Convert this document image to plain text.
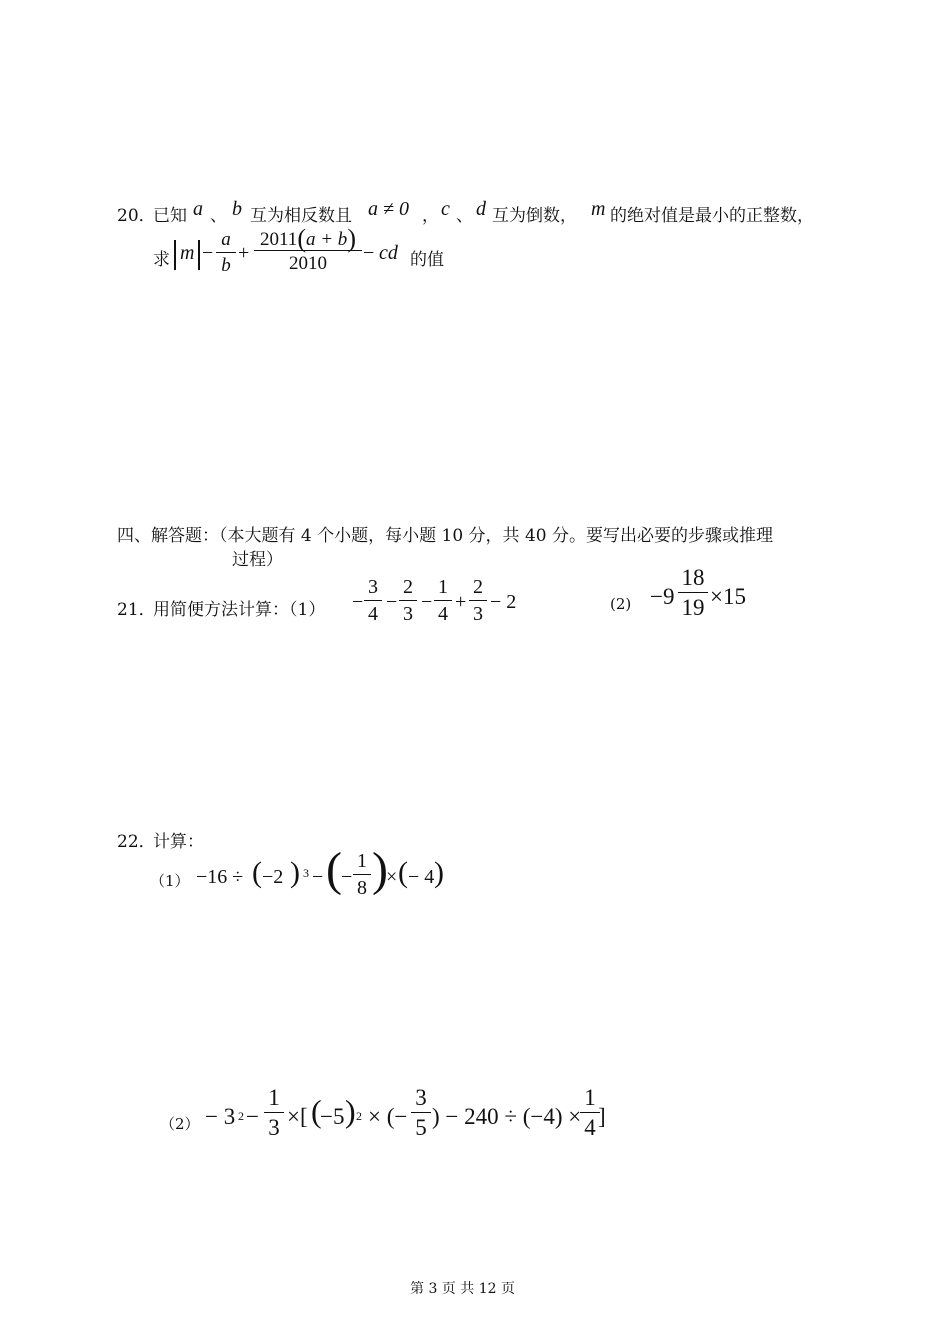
20．
已知 a 、 b 互为相反数且 a ≠ 0 ， c 、 d 互为倒数， m 的绝对值是最小的正整数，
求 m −
a
b
+
2011(a + b)
2010	− cd 的值
四、解答题：（本大题有 4 个小题，每小题 10 分，共 40 分。要写出必要的步骤或推理
过程）
21．
用简便方法计算：（1） −
3
4
−
2
3
−
1
4
+
2
3
− 2	(2) −9
18
19 ×15
22．
计算：
（1） −16 ÷ ( −2 ) 3 − ( −
1
8 )
× ( − 4 )
（2） − 3 2 −
1
3 ×[ (
−5 ) 2 × (−
3
5 ) − 240 ÷ (−4) ×
1
4 ]
第 3 页 共 12 页
